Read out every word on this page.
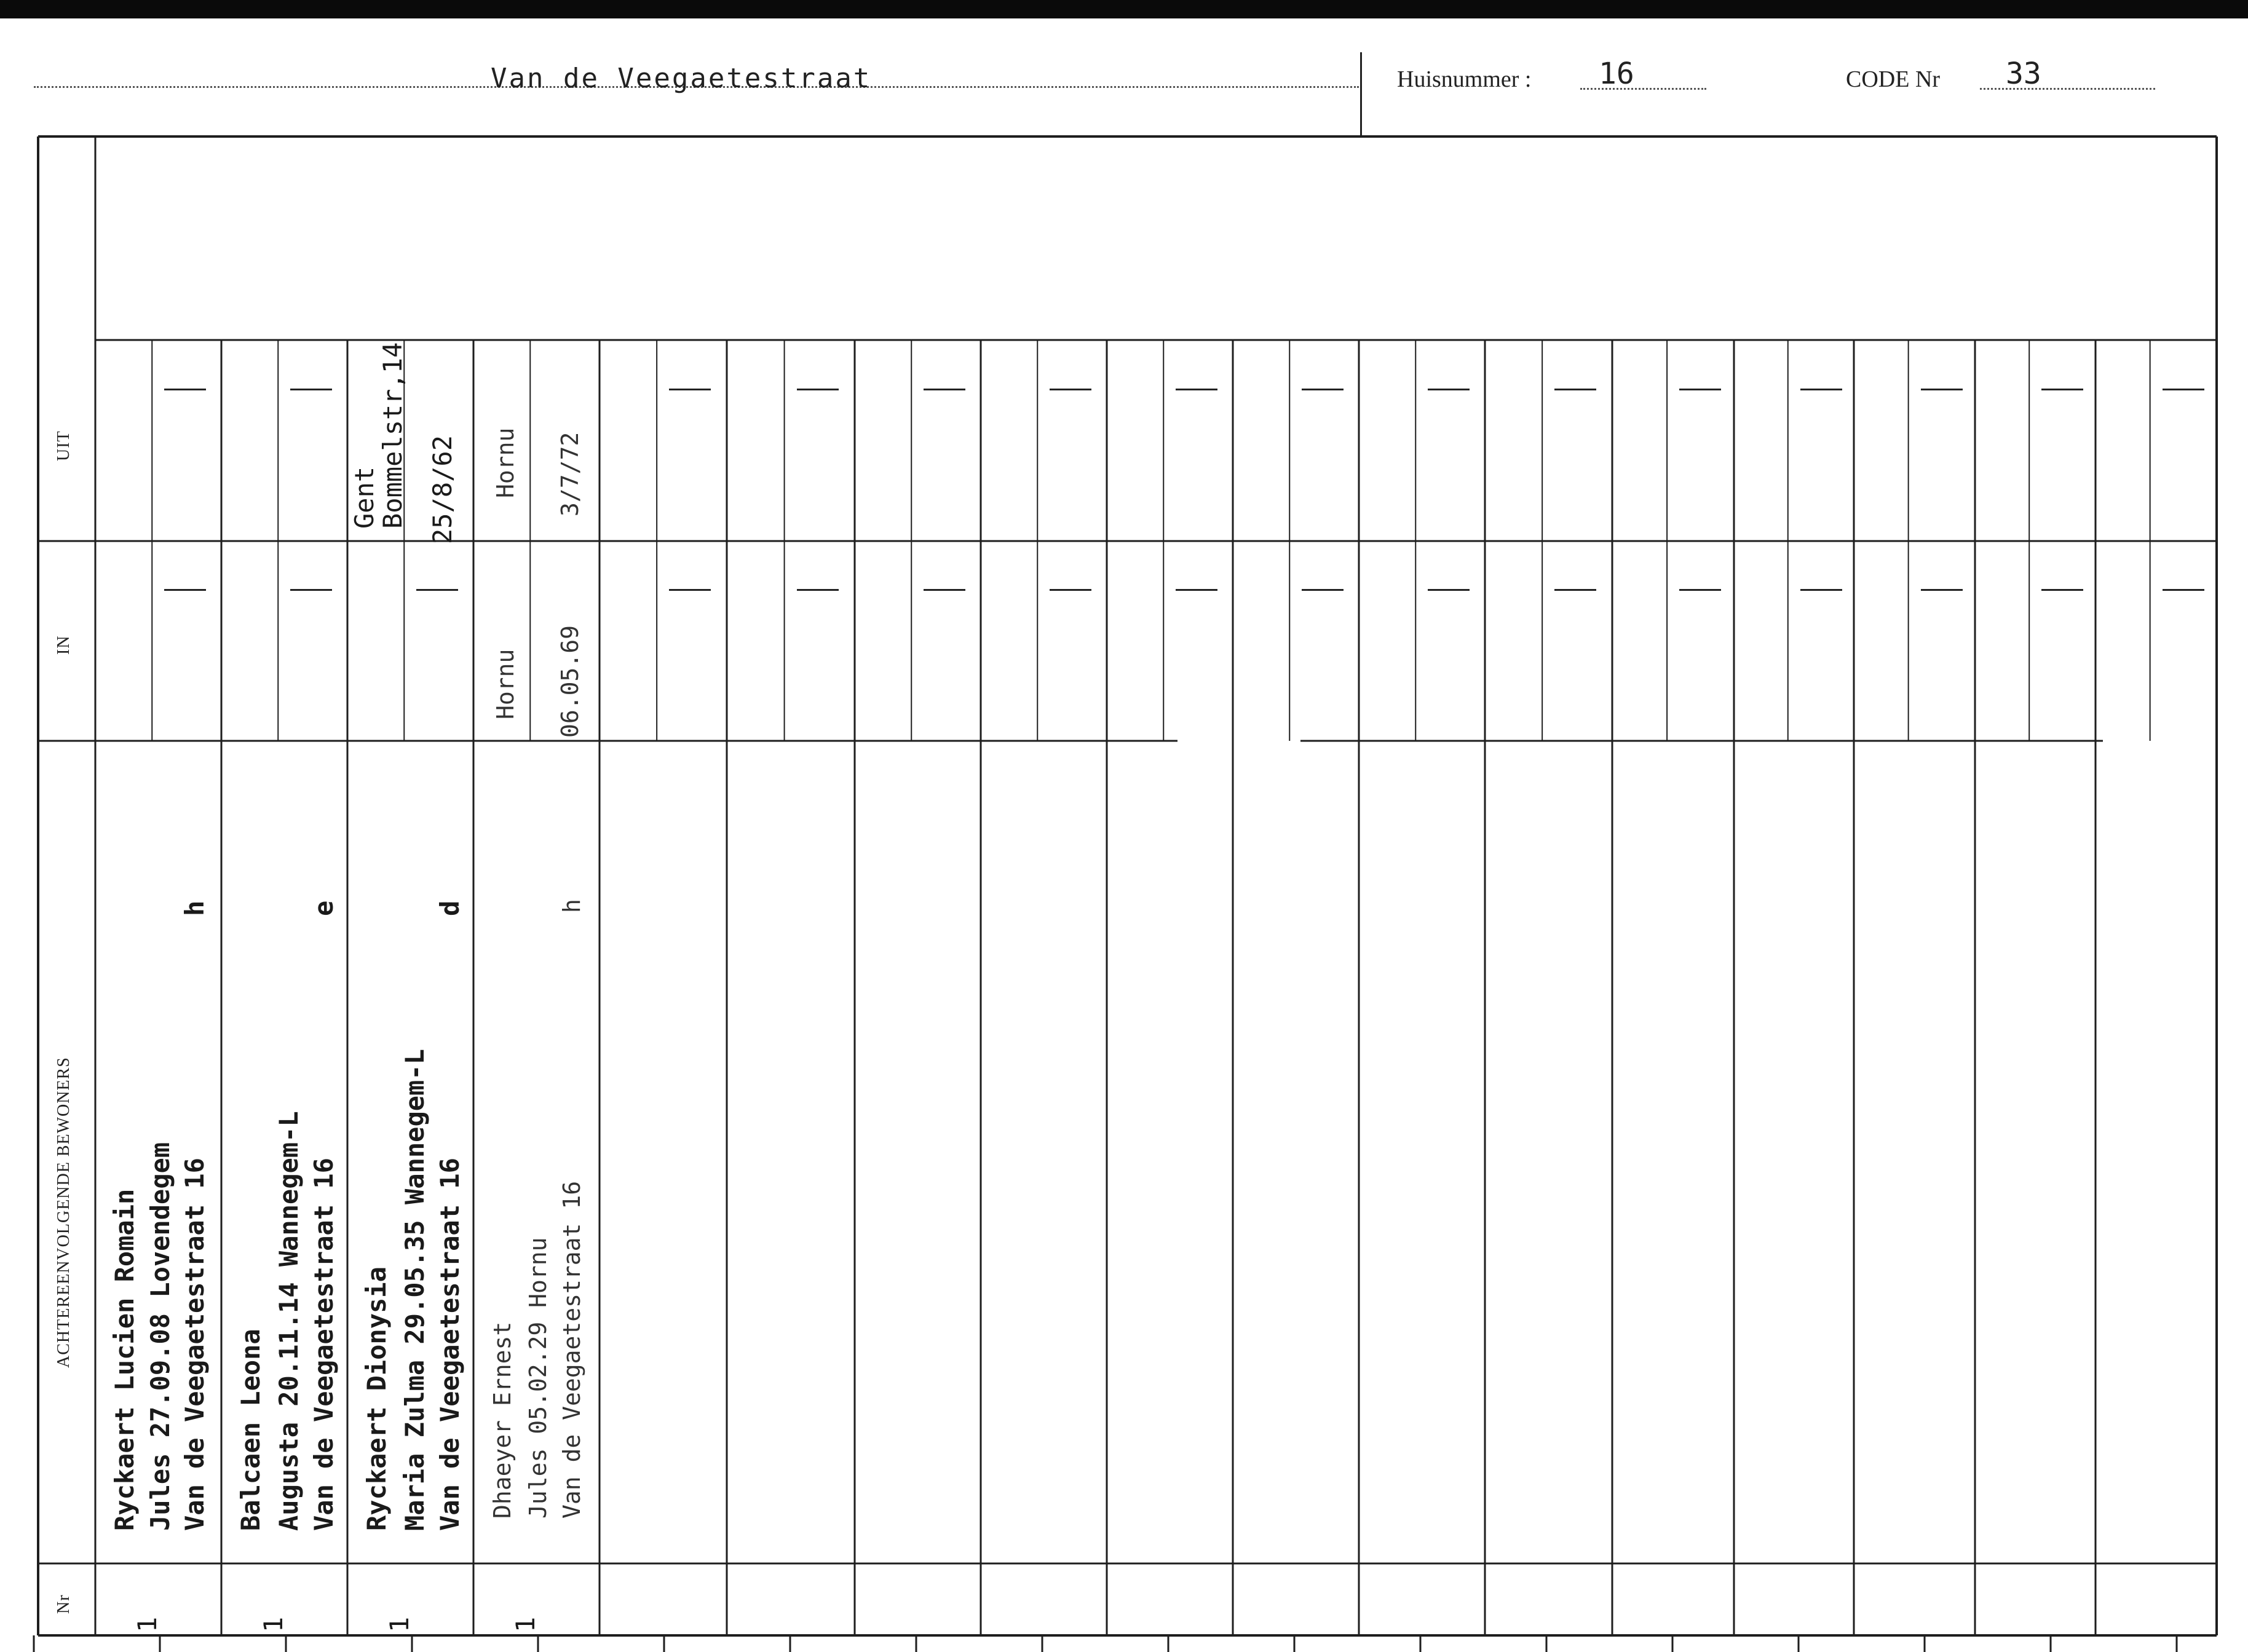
Van de Veegaetestraat	Huisnummer : 16	CODE Nr 33
UIT
IN
ACHTEREENVOLGENDE BEWONERS
Nr
Ryckaert Lucien Romain Jules 27.09.08 Lovendegem Van de Veegaetestraat 16
h
1
Balcaen Leona Augusta 20.11.14 Wannegem-L Van de Veegaetestraat 16
e
1
Ryckaert Dionysia Maria Zulma 29.05.35 Wannegem-L Van de Veegaetestraat 16
d
1
Gent
Bommelstr,14 25/8/62
Dhaeyer Ernest Jules 05.02.29 Hornu Van de Veegaetestraat 16
h
1
Hornu 06.05.69
Hornu 3/7/72
